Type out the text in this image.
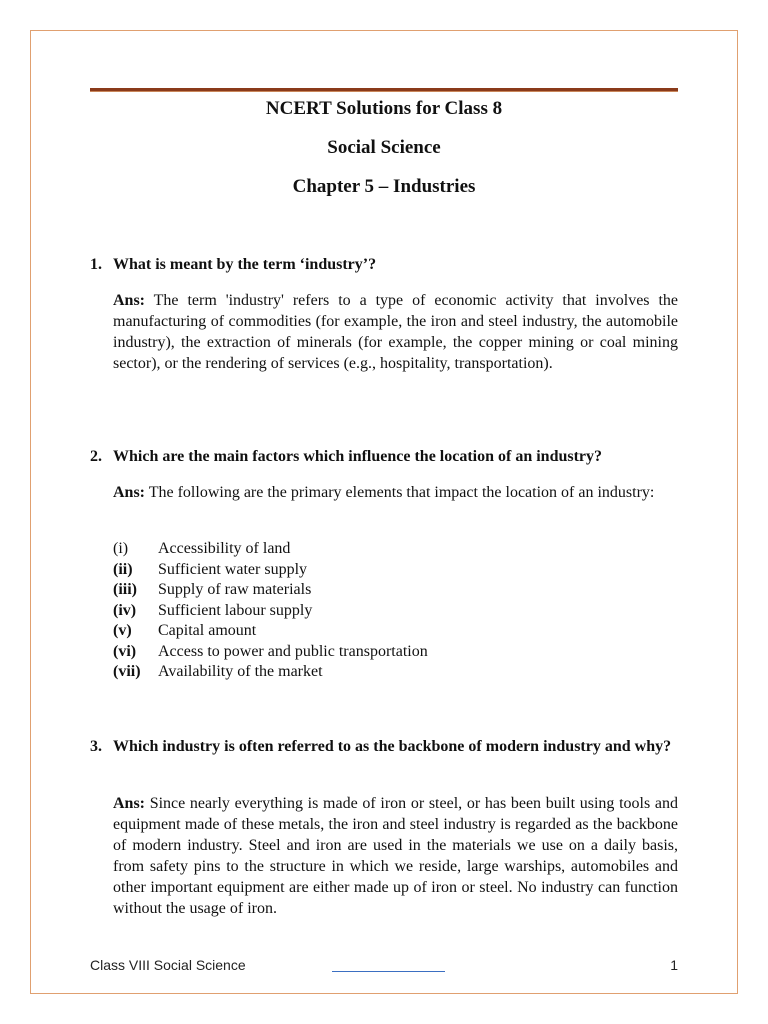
NCERT Solutions for Class 8
Social Science
Chapter 5 – Industries
1. What is meant by the term ‘industry’?
Ans: The term 'industry' refers to a type of economic activity that involves the manufacturing of commodities (for example, the iron and steel industry, the automobile industry), the extraction of minerals (for example, the copper mining or coal mining sector), or the rendering of services (e.g., hospitality, transportation).
2. Which are the main factors which influence the location of an industry?
Ans: The following are the primary elements that impact the location of an industry:
(i)	Accessibility of land
(ii)	Sufficient water supply
(iii)	Supply of raw materials
(iv)	Sufficient labour supply
(v)	Capital amount
(vi)	Access to power and public transportation
(vii)	Availability of the market
3. Which industry is often referred to as the backbone of modern industry and why?
Ans: Since nearly everything is made of iron or steel, or has been built using tools and equipment made of these metals, the iron and steel industry is regarded as the backbone of modern industry. Steel and iron are used in the materials we use on a daily basis, from safety pins to the structure in which we reside, large warships, automobiles and other important equipment are either made up of iron or steel. No industry can function without the usage of iron.
Class VIII Social Science	1
